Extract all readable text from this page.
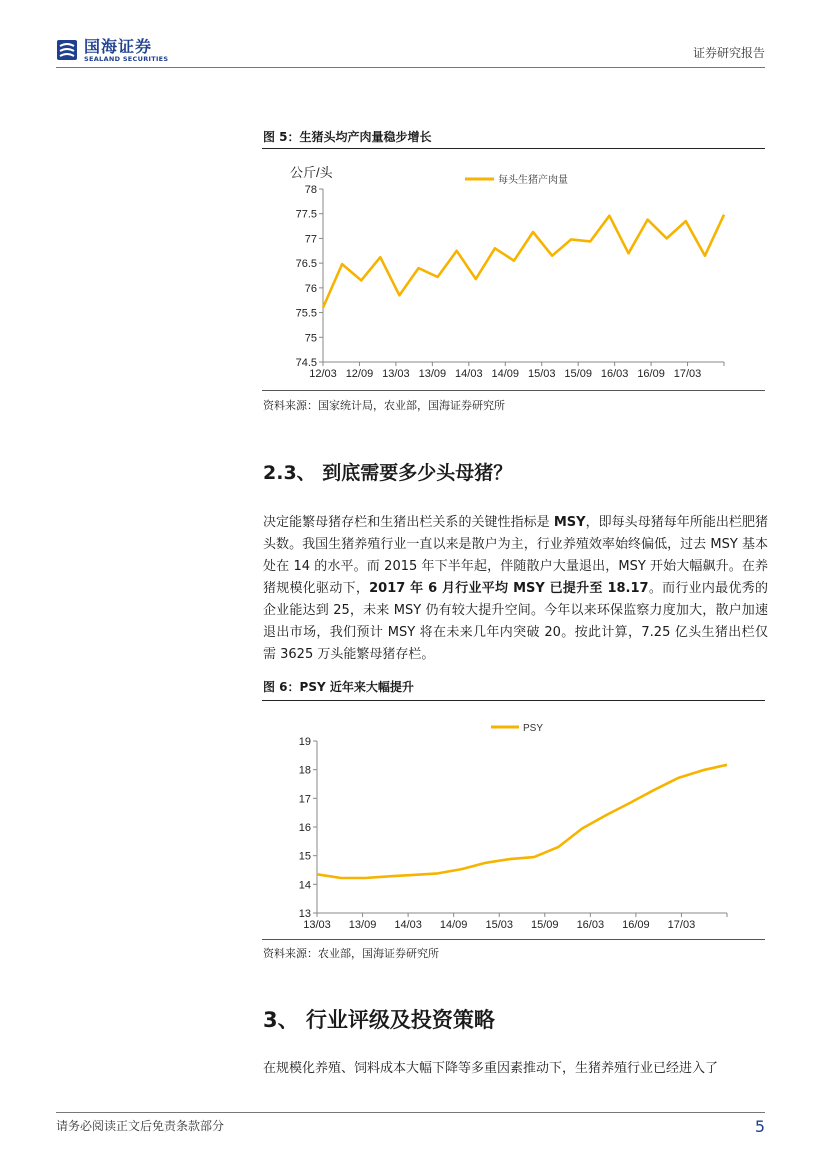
国海证券
SEALAND SECURITIES	证券研究报告
图 5：生猪头均产肉量稳步增长
74.5
75
75.5
76
76.5
77
77.5
78
12/03 12/09 13/03 13/09 14/03 14/09 15/03 15/09 16/03 16/09 17/03
公斤/头
每头生猪产肉量
资料来源：国家统计局，农业部，国海证券研究所
2.3、 到底需要多少头母猪？

决定能繁母猪存栏和生猪出栏关系的关键性指标是 MSY，即每头母猪每年所能出栏肥猪头数。我国生猪养殖行业一直以来是散户为主，行业养殖效率始终偏低，过去 MSY 基本处在 14 的水平。而 2015 年下半年起，伴随散户大量退出，MSY 开始大幅飙升。在养猪规模化驱动下，2017 年 6 月行业平均 MSY 已提升至 18.17。而行业内最优秀的企业能达到 25，未来 MSY 仍有较大提升空间。今年以来环保监察力度加大，散户加速退出市场，我们预计 MSY 将在未来几年内突破 20。按此计算，7.25 亿头生猪出栏仅需 3625 万头能繁母猪存栏。

图 6：PSY 近年来大幅提升
13
14
15
16
17
18
19
13/03 13/09 14/03 14/09 15/03 15/09 16/03 16/09 17/03
PSY
资料来源：农业部，国海证券研究所
3、 行业评级及投资策略
在规模化养殖、饲料成本大幅下降等多重因素推动下，生猪养殖行业已经进入了
请务必阅读正文后免责条款部分	5
